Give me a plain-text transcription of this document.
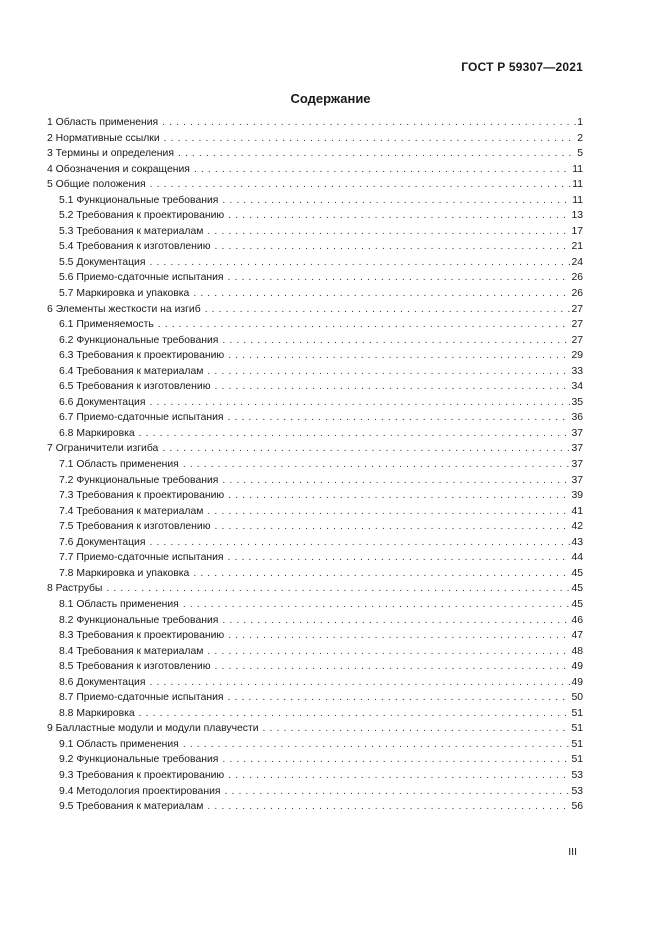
ГОСТ Р 59307—2021
Содержание
1 Область применения . . .	1
2 Нормативные ссылки . . .	2
3 Термины и определения . . .	5
4 Обозначения и сокращения . . .	11
5 Общие положения . . .	11
5.1 Функциональные требования . . .	11
5.2 Требования к проектированию . . .	13
5.3 Требования к материалам . . .	17
5.4 Требования к изготовлению . . .	21
5.5 Документация . . .	24
5.6 Приемо-сдаточные испытания . . .	26
5.7 Маркировка и упаковка . . .	26
6 Элементы жесткости на изгиб . . .	27
6.1 Применяемость . . .	27
6.2 Функциональные требования . . .	27
6.3 Требования к проектированию . . .	29
6.4 Требования к материалам . . .	33
6.5 Требования к изготовлению . . .	34
6.6 Документация . . .	35
6.7 Приемо-сдаточные испытания . . .	36
6.8 Маркировка . . .	37
7 Ограничители изгиба . . .	37
7.1 Область применения . . .	37
7.2 Функциональные требования . . .	37
7.3 Требования к проектированию . . .	39
7.4 Требования к материалам . . .	41
7.5 Требования к изготовлению . . .	42
7.6 Документация . . .	43
7.7 Приемо-сдаточные испытания . . .	44
7.8 Маркировка и упаковка . . .	45
8 Раструбы . . .	45
8.1 Область применения . . .	45
8.2 Функциональные требования . . .	46
8.3 Требования к проектированию . . .	47
8.4 Требования к материалам . . .	48
8.5 Требования к изготовлению . . .	49
8.6 Документация . . .	49
8.7 Приемо-сдаточные испытания . . .	50
8.8 Маркировка . . .	51
9 Балластные модули и модули плавучести . . .	51
9.1 Область применения . . .	51
9.2 Функциональные требования . . .	51
9.3 Требования к проектированию . . .	53
9.4 Методология проектирования . . .	53
9.5 Требования к материалам . . .	56
III
